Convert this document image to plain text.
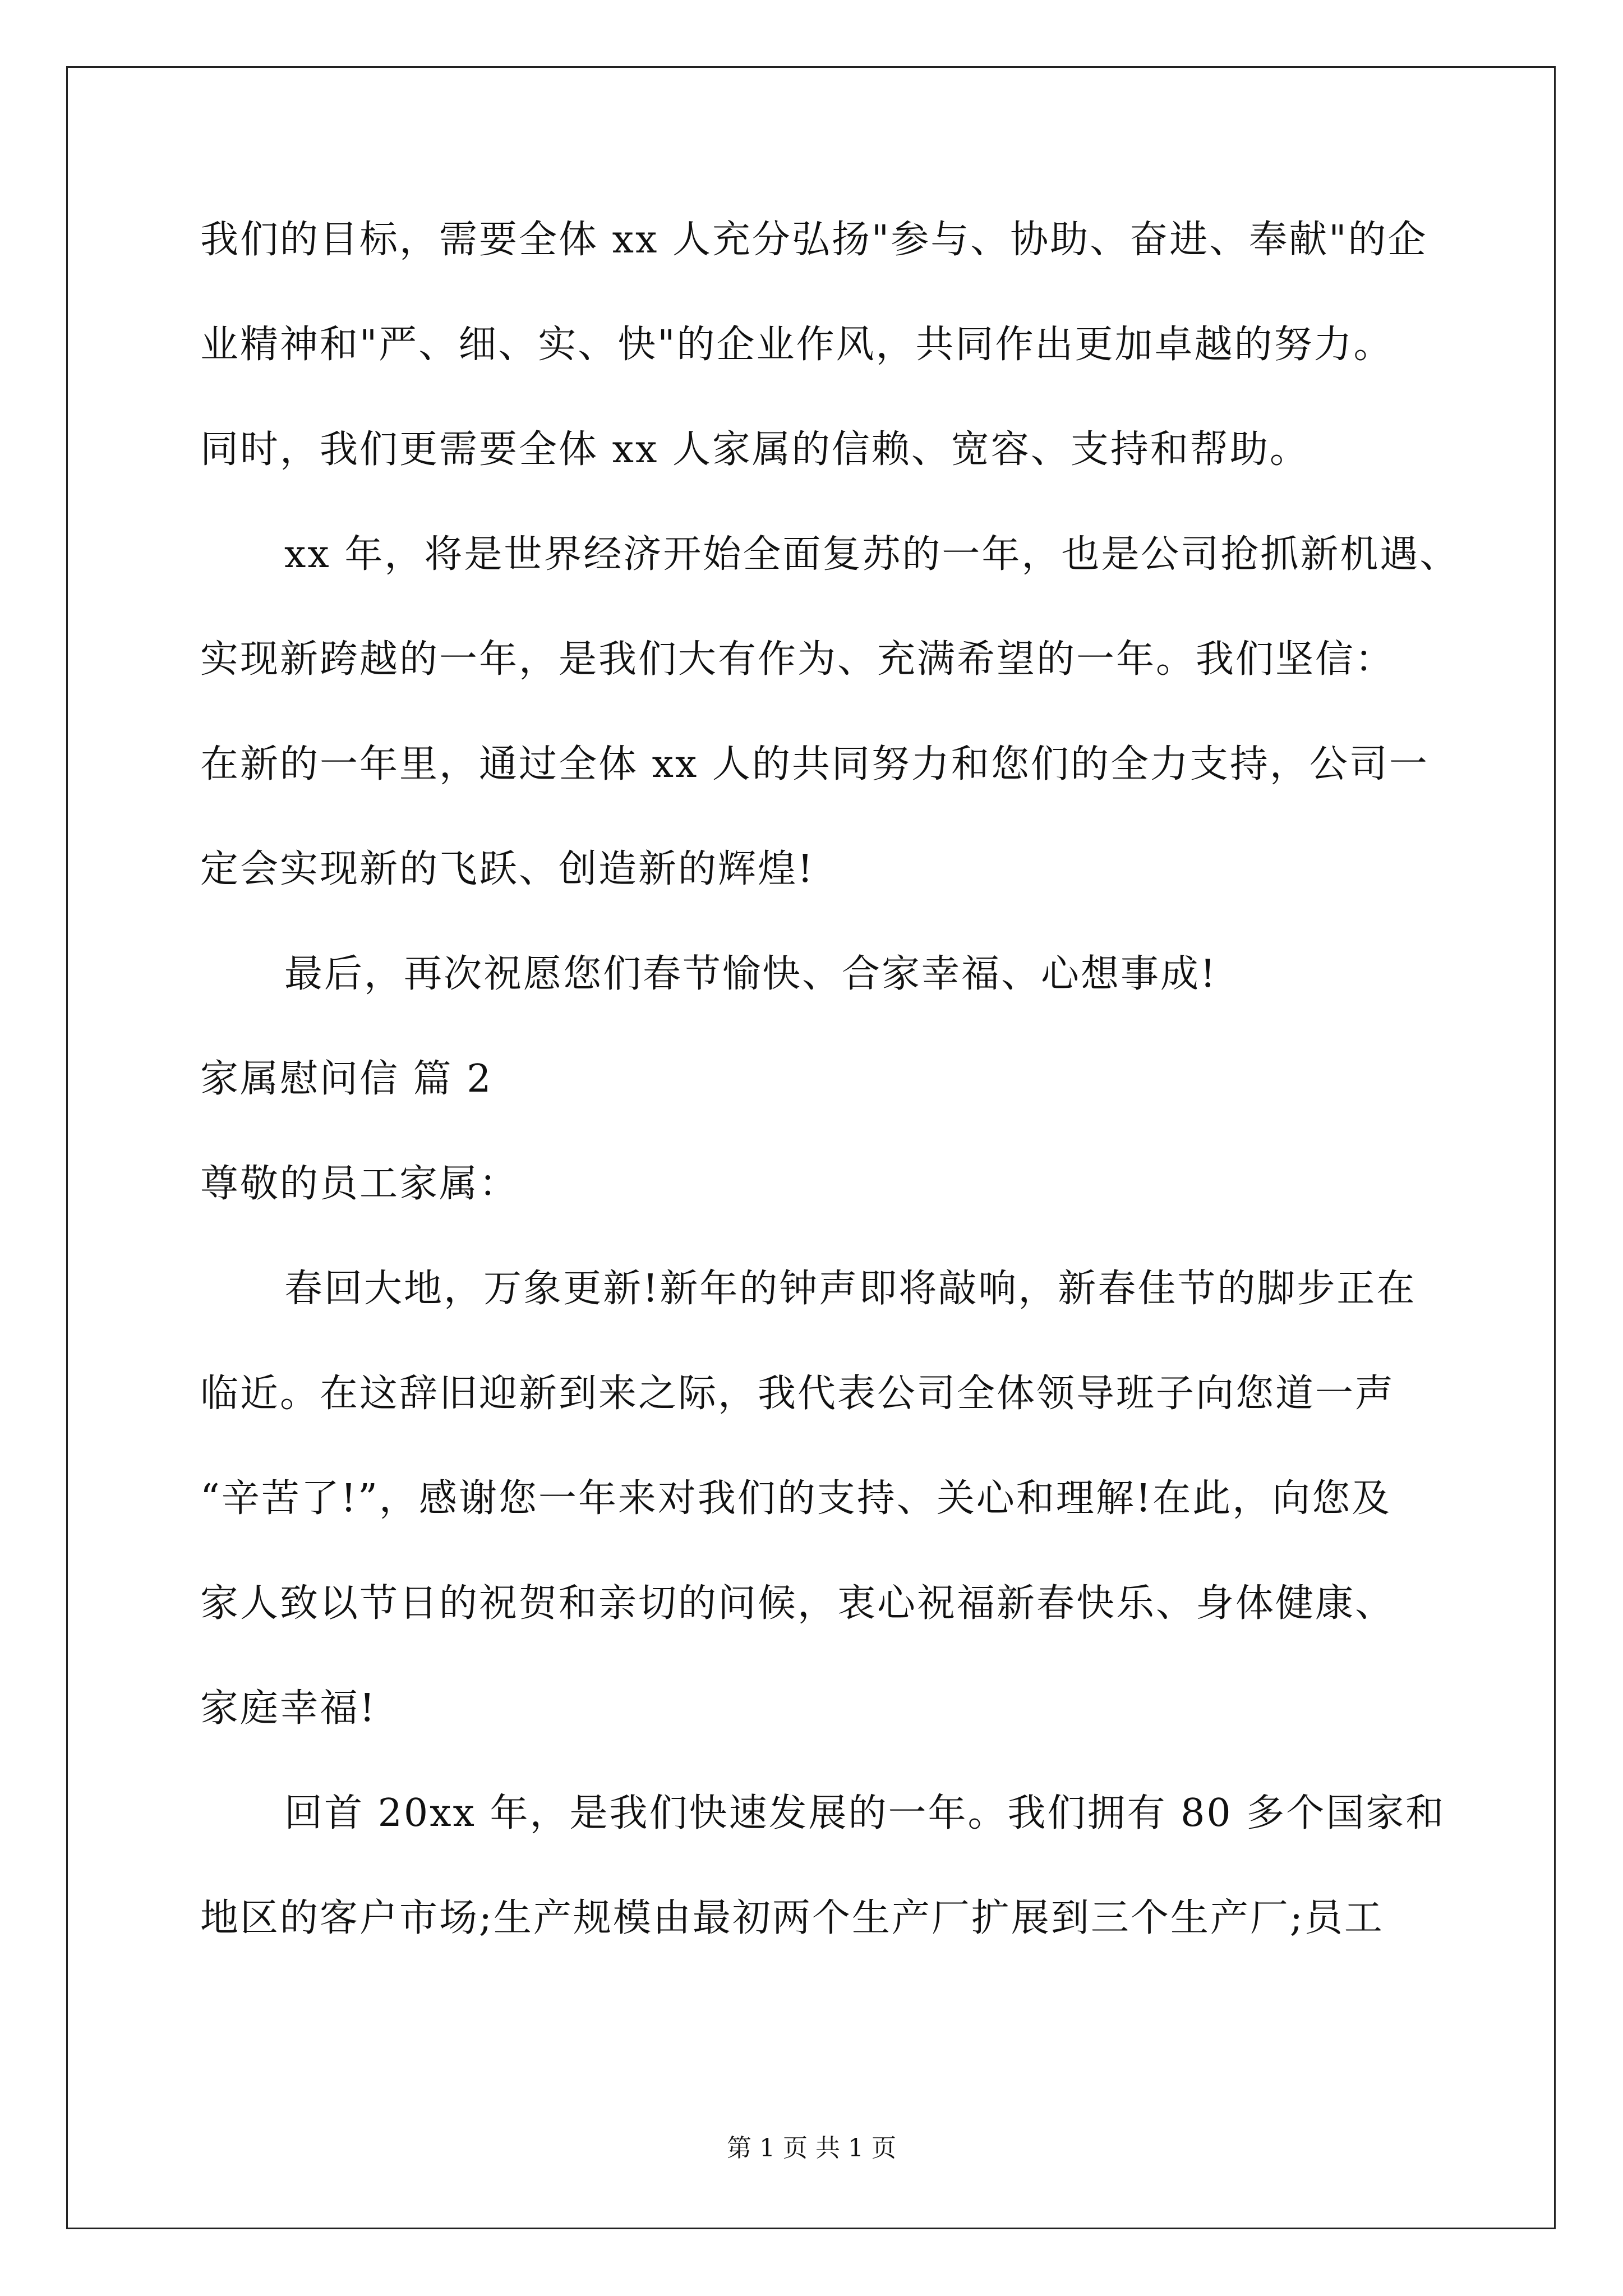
我们的目标，需要全体 xx 人充分弘扬"参与、协助、奋进、奉献"的企
业精神和"严、细、实、快"的企业作风，共同作出更加卓越的努力。
同时，我们更需要全体 xx 人家属的信赖、宽容、支持和帮助。
xx 年，将是世界经济开始全面复苏的一年，也是公司抢抓新机遇、
实现新跨越的一年，是我们大有作为、充满希望的一年。我们坚信：
在新的一年里，通过全体 xx 人的共同努力和您们的全力支持，公司一
定会实现新的飞跃、创造新的辉煌!
最后，再次祝愿您们春节愉快、合家幸福、心想事成!
家属慰问信 篇 2
尊敬的员工家属：
春回大地，万象更新!新年的钟声即将敲响，新春佳节的脚步正在
临近。在这辞旧迎新到来之际，我代表公司全体领导班子向您道一声
“辛苦了!”，感谢您一年来对我们的支持、关心和理解!在此，向您及
家人致以节日的祝贺和亲切的问候，衷心祝福新春快乐、身体健康、
家庭幸福!
回首 20xx 年，是我们快速发展的一年。我们拥有 80 多个国家和
地区的客户市场;生产规模由最初两个生产厂扩展到三个生产厂;员工
第 1 页 共 1 页
